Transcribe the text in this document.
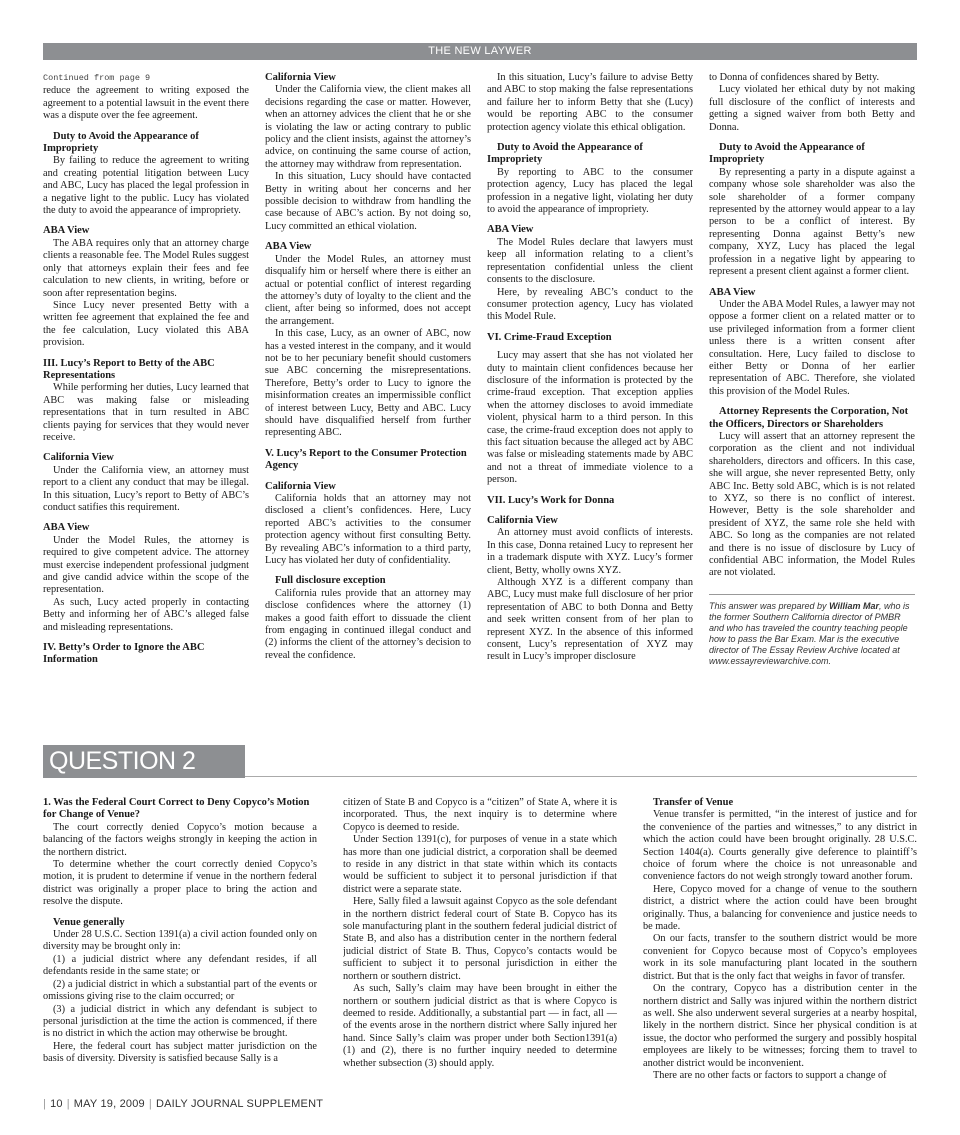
THE NEW LAYWER
Continued from page 9

reduce the agreement to writing exposed the agreement to a potential lawsuit in the event there was a dispute over the fee agreement.

Duty to Avoid the Appearance of Impropriety

By failing to reduce the agreement to writing and creating potential litigation between Lucy and ABC, Lucy has placed the legal profession in a negative light to the public. Lucy has violated the duty to avoid the appearance of impropriety.

ABA View

The ABA requires only that an attorney charge clients a reasonable fee. The Model Rules suggest only that attorneys explain their fees and fee calculation to new clients, in writing, before or soon after representation begins.

Since Lucy never presented Betty with a written fee agreement that explained the fee and the fee calculation, Lucy violated this ABA provision.

III. Lucy’s Report to Betty of the ABC Representations

While performing her duties, Lucy learned that ABC was making false or misleading representations that in turn resulted in ABC clients paying for services that they would never receive.

California View

Under the California view, an attorney must report to a client any conduct that may be illegal. In this situation, Lucy’s report to Betty of ABC’s conduct satifies this requirement.

ABA View

Under the Model Rules, the attorney is required to give competent advice. The attorney must exercise independent professional judgment and give candid advice within the scope of the representation.

As such, Lucy acted properly in contacting Betty and informing her of ABC’s alleged false and misleading representations.

IV. Betty’s Order to Ignore the ABC Information
California View

Under the California view, the client makes all decisions regarding the case or matter. However, when an attorney advices the client that he or she is violating the law or acting contrary to public policy and the client insists, against the attorney’s advice, on continuing the same course of action, the attorney may withdraw from representation.

In this situation, Lucy should have contacted Betty in writing about her concerns and her possible decision to withdraw from handling the case because of ABC’s action. By not doing so, Lucy committed an ethical violation.

ABA View

Under the Model Rules, an attorney must disqualify him or herself where there is either an actual or potential conflict of interest regarding the attorney’s duty of loyalty to the client and the client, after being so informed, does not accept the arrangement.

In this case, Lucy, as an owner of ABC, now has a vested interest in the company, and it would not be to her pecuniary benefit should customers sue ABC concerning the misrepresentations. Therefore, Betty’s order to Lucy to ignore the misinformation creates an impermissible conflict of interest between Lucy, Betty and ABC. Lucy should have disqualified herself from further representing ABC.

V. Lucy’s Report to the Consumer Protection Agency
California View

California holds that an attorney may not disclosed a client’s confidences. Here, Lucy reported ABC’s activities to the consumer protection agency without first consulting Betty. By revealing ABC’s information to a third party, Lucy has violated her duty of confidentiality.

Full disclosure exception

California rules provide that an attorney may disclose confidences where the attorney (1) makes a good faith effort to dissuade the client from engaging in continued illegal conduct and (2) informs the client of the attorney’s decision to reveal the confidence.

In this situation, Lucy’s failure to advise Betty and ABC to stop making the false representations and failure her to inform Betty that she (Lucy) would be reporting ABC to the consumer protection agency violate this ethical obligation.

Duty to Avoid the Appearance of Impropriety

By reporting to ABC to the consumer protection agency, Lucy has placed the legal profession in a negative light, violating her duty to avoid the appearance of impropriety.

ABA View

The Model Rules declare that lawyers must keep all information relating to a client’s representation confidential unless the client consents to the disclosure.

Here, by revealing ABC’s conduct to the consumer protection agency, Lucy has violated this Model Rule.

VI. Crime-Fraud Exception

Lucy may assert that she has not violated her duty to maintain client confidences because her disclosure of the information is protected by the crime-fraud exception. That exception applies when the attorney discloses to avoid immediate violent, physical harm to a third person. In this case, the crime-fraud exception does not apply to this fact situation because the alleged act by ABC was false or misleading statements made by ABC and not a threat of immediate violence to a person.

VII. Lucy’s Work for Donna
California View

An attorney must avoid conflicts of interests. In this case, Donna retained Lucy to represent her in a trademark dispute with XYZ. Lucy’s former client, Betty, wholly owns XYZ.

Although XYZ is a different company than ABC, Lucy must make full disclosure of her prior representation of ABC to both Donna and Betty and seek written consent from of her plan to represent XYZ. In the absence of this informed consent, Lucy’s representation of XYZ may result in Lucy’s improper disclosure

to Donna of confidences shared by Betty.

Lucy violated her ethical duty by not making full disclosure of the conflict of interests and getting a signed waiver from both Betty and Donna.

Duty to Avoid the Appearance of Impropriety

By representing a party in a dispute against a company whose sole shareholder was also the sole shareholder of a former company represented by the attorney would appear to a lay person to be a conflict of interest. By representing Donna against Betty’s new company, XYZ, Lucy has placed the legal profession in a negative light by appearing to represent a present client against a former client.

ABA View

Under the ABA Model Rules, a lawyer may not oppose a former client on a related matter or to use privileged information from a former client unless there is a written consent after consultation. Here, Lucy failed to disclose to either Betty or Donna of her earlier representation of ABC. Therefore, she violated this provision of the Model Rules.

Attorney Represents the Corporation, Not the Officers, Directors or Shareholders

Lucy will assert that an attorney represent the corporation as the client and not individual shareholders, directors and officers. In this case, she will argue, she never represented Betty, only ABC Inc. Betty sold ABC, which is is not related to XYZ, so there is no conflict of interest. However, Betty is the sole shareholder and president of XYZ, the same role she held with ABC. So long as the companies are not related and there is no issue of disclosure by Lucy of confidential ABC information, the Model Rules are not violated.

This answer was prepared by William Mar, who is the former Southern California director of PMBR and who has traveled the country teaching people how to pass the Bar Exam. Mar is the executive director of The Essay Review Archive located at www.essayreviewarchive.com.
QUESTION 2
1. Was the Federal Court Correct to Deny Copyco’s Motion for Change of Venue?

The court correctly denied Copyco’s motion because a balancing of the factors weighs strongly in keeping the action in the northern district.

To determine whether the court correctly denied Copyco’s motion, it is prudent to determine if venue in the northern federal district was originally a proper place to bring the action and resolve the dispute.

Venue generally

Under 28 U.S.C. Section 1391(a) a civil action founded only on diversity may be brought only in:

(1) a judicial district where any defendant resides, if all defendants reside in the same state; or

(2) a judicial district in which a substantial part of the events or omissions giving rise to the claim occurred; or

(3) a judicial district in which any defendant is subject to personal jurisdiction at the time the action is commenced, if there is no district in which the action may otherwise be brought.

Here, the federal court has subject matter jurisdiction on the basis of diversity. Diversity is satisfied because Sally is a

citizen of State B and Copyco is a “citizen” of State A, where it is incorporated. Thus, the next inquiry is to determine where Copyco is deemed to reside.

Under Section 1391(c), for purposes of venue in a state which has more than one judicial district, a corporation shall be deemed to reside in any district in that state within which its contacts would be sufficient to subject it to personal jurisdiction if that district were a separate state.

Here, Sally filed a lawsuit against Copyco as the sole defendant in the northern district federal court of State B. Copyco has its sole manufacturing plant in the southern federal judicial district of State B, and also has a distribution center in the northern federal judicial district of State B. Thus, Copyco’s contacts would be sufficient to subject it to personal jurisdiction in either the northern or southern district.

As such, Sally’s claim may have been brought in either the northern or southern judicial district as that is where Copyco is deemed to reside. Additionally, a substantial part — in fact, all — of the events arose in the northern district where Sally injured her hand. Since Sally’s claim was proper under both Section1391(a)(1) and (2), there is no further inquiry needed to determine whether subsection (3) should apply.

Transfer of Venue

Venue transfer is permitted, “in the interest of justice and for the convenience of the parties and witnesses,” to any district in which the action could have been brought originally. 28 U.S.C. Section 1404(a). Courts generally give deference to plaintiff’s choice of forum where the choice is not unreasonable and convenience factors do not weigh strongly toward another forum.

Here, Copyco moved for a change of venue to the southern district, a district where the action could have been brought originally. Thus, a balancing for convenience and justice needs to be made.

On our facts, transfer to the southern district would be more convenient for Copyco because most of Copyco’s employees work in its sole manufacturing plant located in the southern district. But that is the only fact that weighs in favor of transfer.

On the contrary, Copyco has a distribution center in the northern district and Sally was injured within the northern district as well. She also underwent several surgeries at a nearby hospital, likely in the northern district. Since her physical condition is at issue, the doctor who performed the surgery and possibly hospital employees are likely to be witnesses; forcing them to travel to another district would be inconvenient.

There are no other facts or factors to support a change of

| 10 | MAY 19, 2009 | DAILY JOURNAL SUPPLEMENT
